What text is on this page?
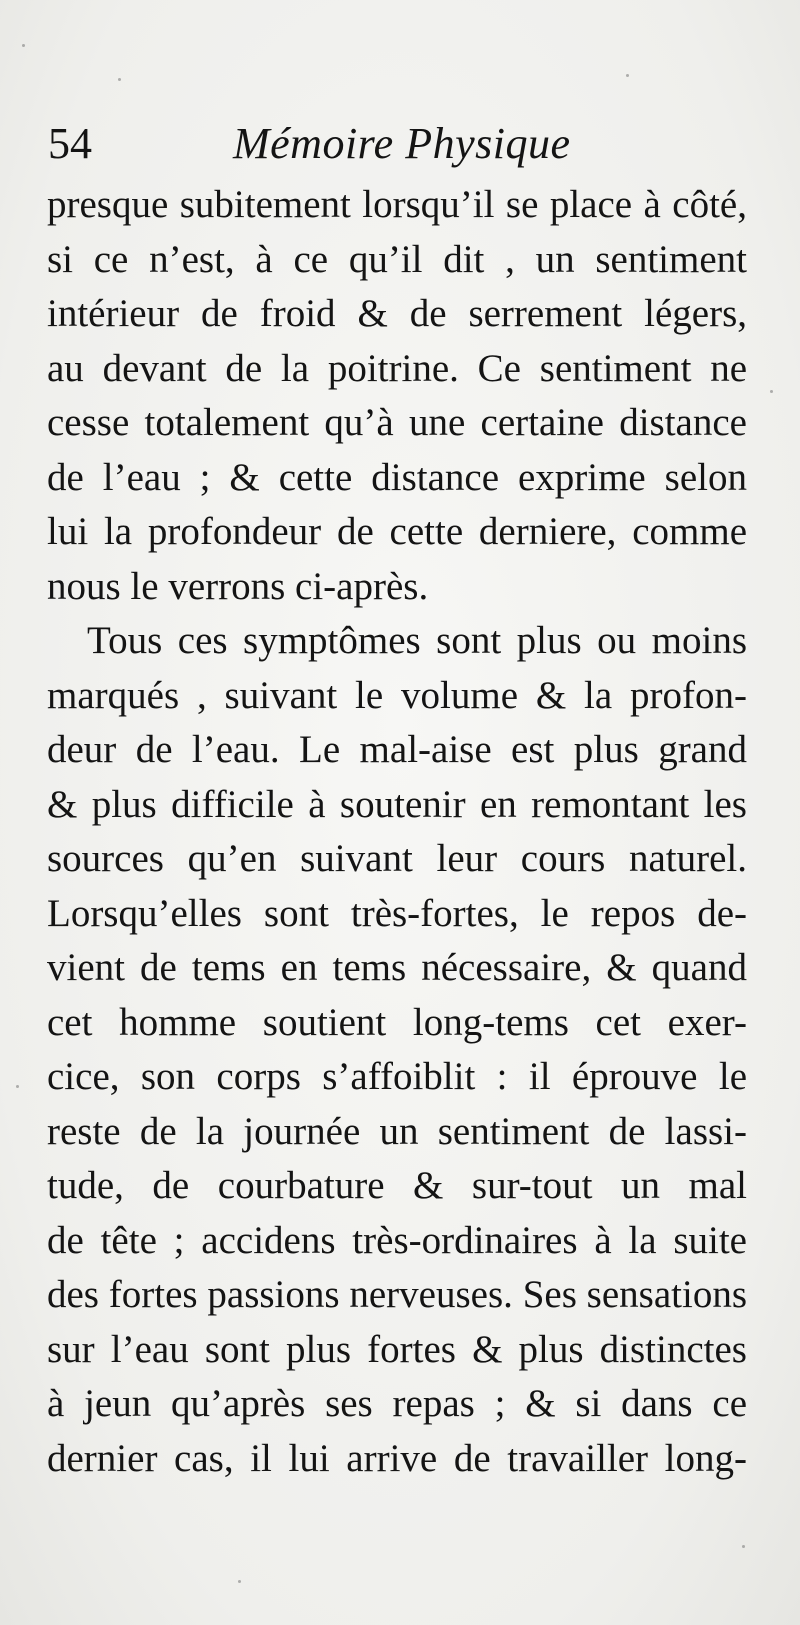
54	Mémoire Physique
presque subitement lorsqu’il se place à côté,
si ce n’est, à ce qu’il dit , un sentiment
intérieur de froid & de serrement légers,
au devant de la poitrine. Ce sentiment ne
cesse totalement qu’à une certaine distance
de l’eau ; & cette distance exprime selon
lui la profondeur de cette derniere, comme
nous le verrons ci-après.
Tous ces symptômes sont plus ou moins
marqués , suivant le volume & la profon-
deur de l’eau. Le mal-aise est plus grand
& plus difficile à soutenir en remontant les
sources qu’en suivant leur cours naturel.
Lorsqu’elles sont très-fortes, le repos de-
vient de tems en tems nécessaire, & quand
cet homme soutient long-tems cet exer-
cice, son corps s’affoiblit : il éprouve le
reste de la journée un sentiment de lassi-
tude, de courbature & sur-tout un mal
de tête ; accidens très-ordinaires à la suite
des fortes passions nerveuses. Ses sensations
sur l’eau sont plus fortes & plus distinctes
à jeun qu’après ses repas ; & si dans ce
dernier cas, il lui arrive de travailler long-
